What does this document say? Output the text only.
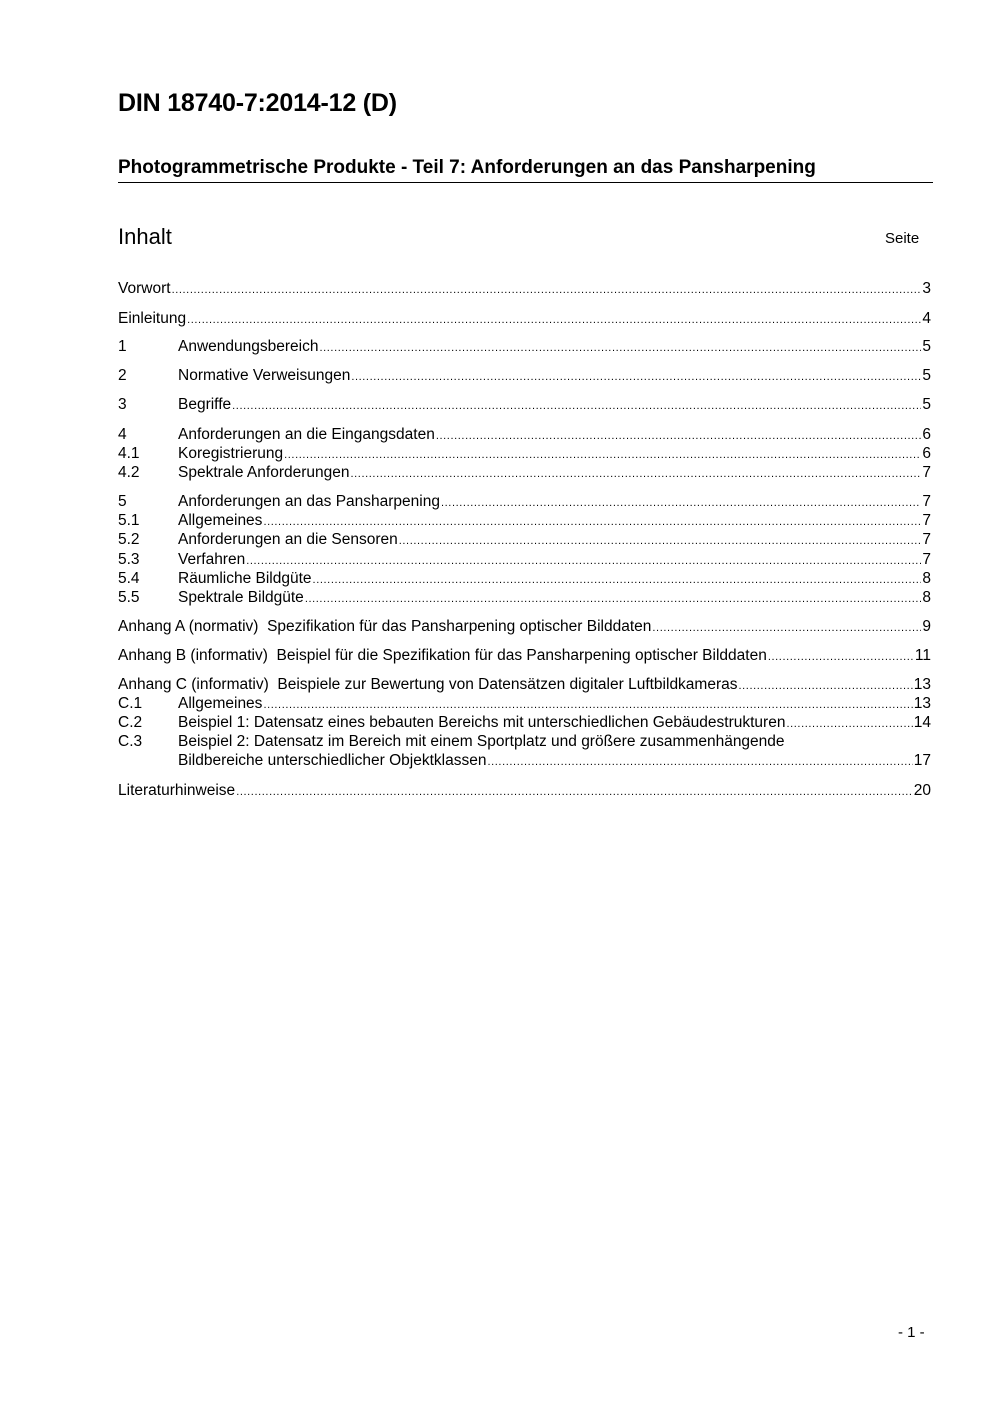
DIN 18740-7:2014-12 (D)
Photogrammetrische Produkte - Teil 7: Anforderungen an das Pansharpening
Inhalt	Seite
Vorwort .....	3
Einleitung .....	4
1	Anwendungsbereich .....	5
2	Normative Verweisungen .....	5
3	Begriffe .....	5
4	Anforderungen an die Eingangsdaten .....	6
4.1	Koregistrierung .....	6
4.2	Spektrale Anforderungen .....	7
5	Anforderungen an das Pansharpening .....	7
5.1	Allgemeines .....	7
5.2	Anforderungen an die Sensoren .....	7
5.3	Verfahren .....	7
5.4	Räumliche Bildgüte .....	8
5.5	Spektrale Bildgüte .....	8
Anhang A (normativ) Spezifikation für das Pansharpening optischer Bilddaten .....	9
Anhang B (informativ) Beispiel für die Spezifikation für das Pansharpening optischer Bilddaten .....	11
Anhang C (informativ) Beispiele zur Bewertung von Datensätzen digitaler Luftbildkameras .....	13
C.1	Allgemeines .....	13
C.2	Beispiel 1: Datensatz eines bebauten Bereichs mit unterschiedlichen Gebäudestrukturen .....	14
C.3	Beispiel 2: Datensatz im Bereich mit einem Sportplatz und größere zusammenhängende
Bildbereiche unterschiedlicher Objektklassen .....	17
Literaturhinweise .....	20
- 1 -
